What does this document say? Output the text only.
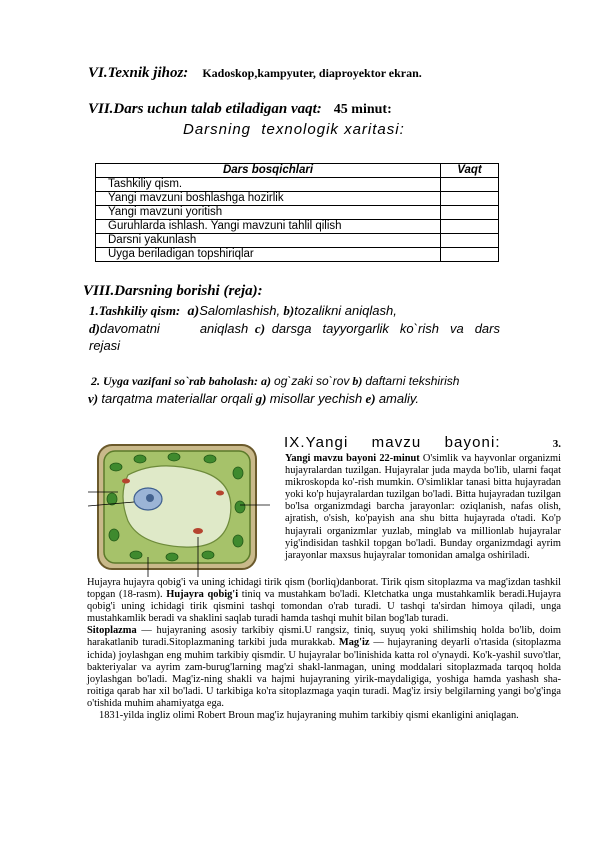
VI.Texnik jihoz: Kadoskop,kampyuter, diaproyektor ekran.
VII.Dars uchun talab etiladigan vaqt: 45 minut:
Darsning  texnologik xaritasi:
Dars bosqichlari	Vaqt
Tashkiliy qism.	
Yangi mavzuni boshlashga hozirlik	
Yangi mavzuni yoritish	
Guruhlarda ishlash. Yangi mavzuni tahlil qilish	
Darsni yakunlash	
Uyga beriladigan topshiriqlar	
VIII.Darsning borishi (reja):
1.Tashkiliy qism: a)Salomlashish, b)tozalikni aniqlash,
d)davomatni	aniqlash c) darsga tayyorgarlik ko`rish va dars rejasi
2. Uyga vazifani so`rab baholash: a) og`zaki so`rov b) daftarni tekshirish
v) tarqatma materiallar orqali g) misollar yechish e) amaliy.
IX.Yangi mavzu bayoni:	3.

Yangi mavzu bayoni 22-minut O'simlik va hayvonlar organizmi hujayralardan tuzilgan. Hujayralar juda mayda bo'lib, ularni faqat mikroskopda ko'-rish mumkin. O'simliklar tanasi bitta hujayradan yoki ko'p hujayralardan tuzilgan bo'ladi. Bitta hujayradan tuzilgan bo'lsa organizmdagi barcha jarayonlar: oziqlanish, nafas olish, ajratish, o'sish, ko'payish ana shu bitta hujayrada o'tadi. Ko'p hujayrali organizmlar yuzlab, minglab va millionlab hujayralar yig'indisidan tashkil topgan bo'ladi. Bunday organizmdagi ayrim jarayonlar maxsus hujayralar tomonidan amalga oshiriladi.

Hujayra hujayra qobig'i va uning ichidagi tirik qism (borliq)danborat. Tirik qism sitoplazma va mag'izdan tashkil topgan (18-rasm). Hujayra qobig'i tiniq va mustahkam bo'ladi. Kletchatka unga mustahkamlik beradi.Hujayra qobig'i uning ichidagi tirik qismini tashqi tomondan o'rab turadi. U tashqi ta'sirdan himoya qiladi, unga mustahkamlik beradi va shaklini saqlab turadi hamda tashqi muhit bilan bog'lab turadi.

Sitoplazma — hujayraning asosiy tarkibiy qismi.U rangsiz, tiniq, suyuq yoki shilimshiq holda bo'lib, doim harakatlanib turadi.Sitoplazmaning tarkibi juda murakkab. Mag'iz — hujayraning deyarli o'rtasida (sitoplazma ichida) joylashgan eng muhim tarkibiy qismdir. U hujayralar bo'linishida katta rol o'ynaydi. Ko'k-yashil suvo'tlar, bakteriyalar va ayrim zam-burug'larning mag'zi shakl-lanmagan, uning moddalari sitoplazmada tarqoq holda joylashgan bo'ladi. Mag'iz-ning shakli va hajmi hujayraning yirik-maydaligiga, yoshiga hamda yashash sha-roitiga qarab har xil bo'ladi. U tarkibiga ko'ra sitoplazmaga yaqin turadi. Mag'iz irsiy belgilarning yangi bo'g'inga o'tishida muhim ahamiyatga ega.

1831-yilda ingliz olimi Robert Broun mag'iz hujayraning muhim tarkibiy qismi ekanligini aniqlagan.
